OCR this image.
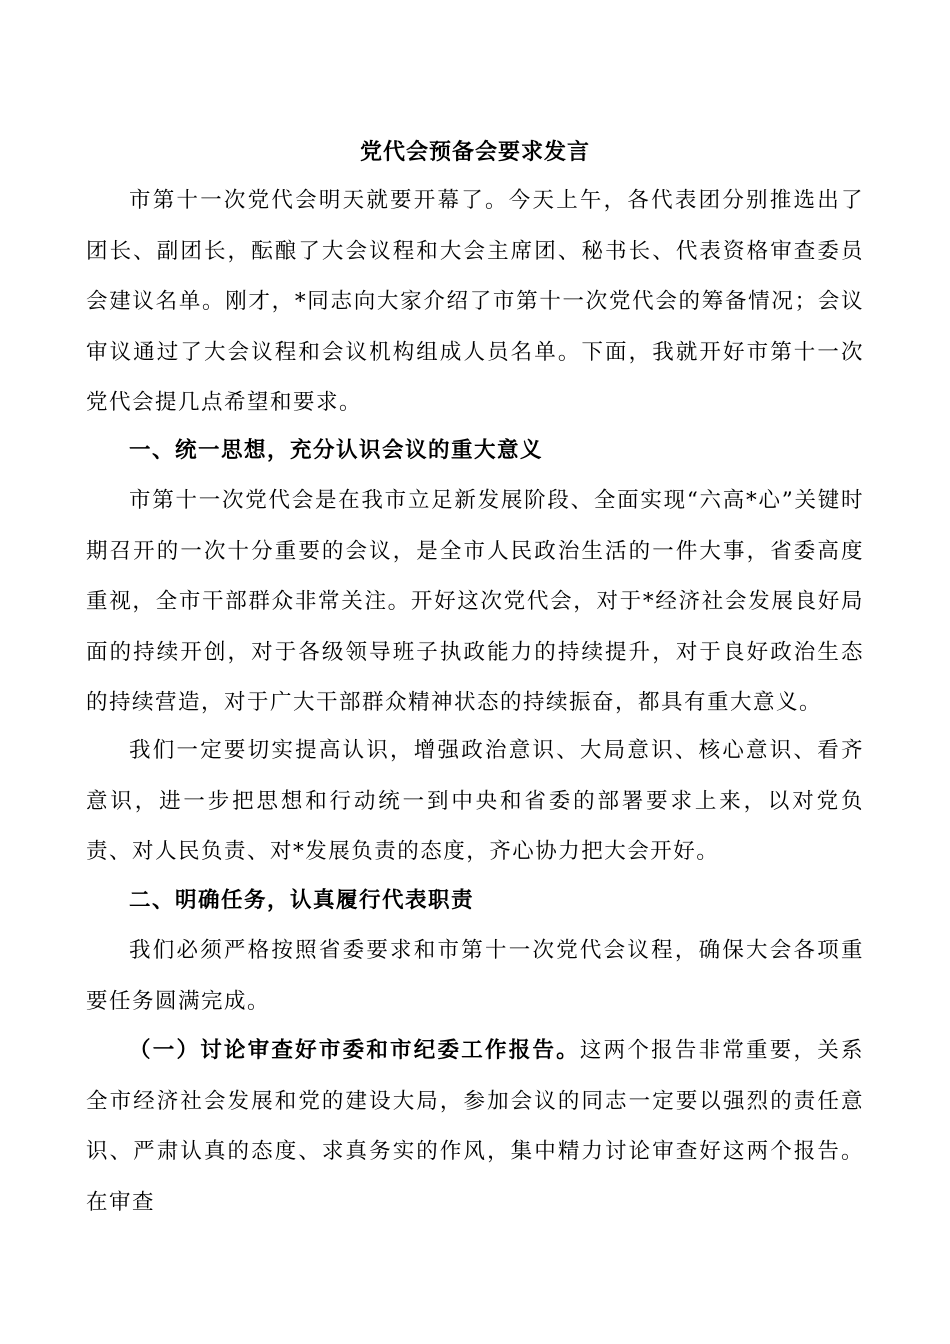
党代会预备会要求发言

市第十一次党代会明天就要开幕了。今天上午，各代表团分别推选出了团长、副团长，酝酿了大会议程和大会主席团、秘书长、代表资格审查委员会建议名单。刚才，*同志向大家介绍了市第十一次党代会的筹备情况；会议审议通过了大会议程和会议机构组成人员名单。下面，我就开好市第十一次党代会提几点希望和要求。

一、统一思想，充分认识会议的重大意义

市第十一次党代会是在我市立足新发展阶段、全面实现“六高*心”关键时期召开的一次十分重要的会议，是全市人民政治生活的一件大事，省委高度重视，全市干部群众非常关注。开好这次党代会，对于*经济社会发展良好局面的持续开创，对于各级领导班子执政能力的持续提升，对于良好政治生态的持续营造，对于广大干部群众精神状态的持续振奋，都具有重大意义。

我们一定要切实提高认识，增强政治意识、大局意识、核心意识、看齐意识，进一步把思想和行动统一到中央和省委的部署要求上来，以对党负责、对人民负责、对*发展负责的态度，齐心协力把大会开好。

二、明确任务，认真履行代表职责

我们必须严格按照省委要求和市第十一次党代会议程，确保大会各项重要任务圆满完成。

（一）讨论审查好市委和市纪委工作报告。这两个报告非常重要，关系全市经济社会发展和党的建设大局，参加会议的同志一定要以强烈的责任意识、严肃认真的态度、求真务实的作风，集中精力讨论审查好这两个报告。在审查
